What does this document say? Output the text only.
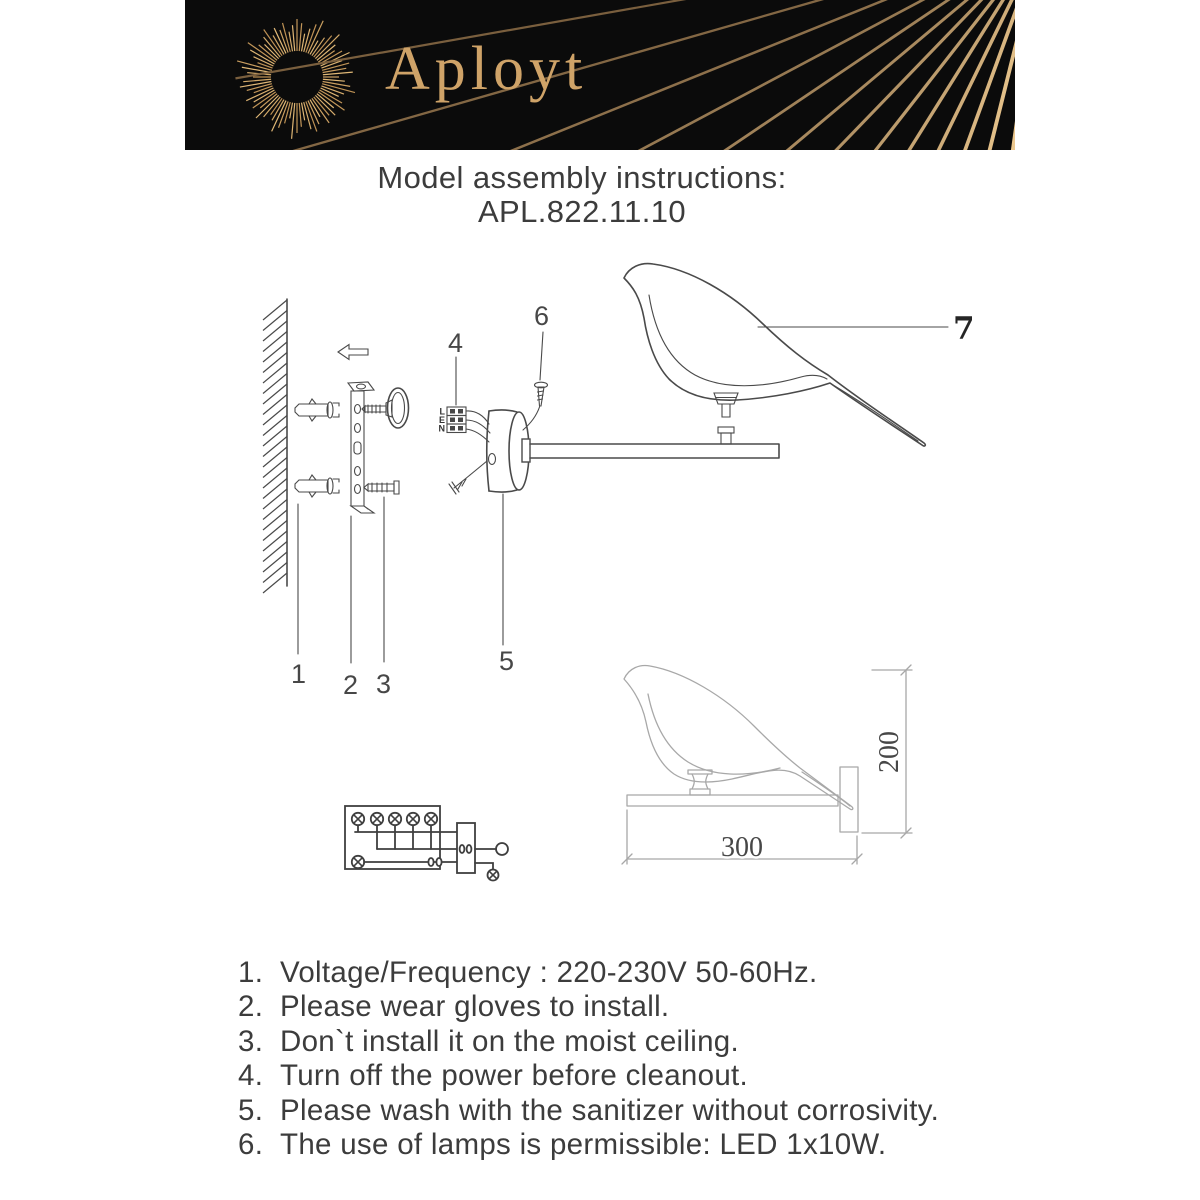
Aployt
Model assembly instructions:
APL.822.11.10
L
E
N
1 2 3
4
5
6	7
300
200
1. Voltage/Frequency : 220-230V 50-60Hz.
2. Please wear gloves to install.
3. Don`t install it on the moist ceiling.
4. Turn off the power before cleanout.
5. Please wash with the sanitizer without corrosivity.
6. The use of lamps is permissible: LED 1x10W.
